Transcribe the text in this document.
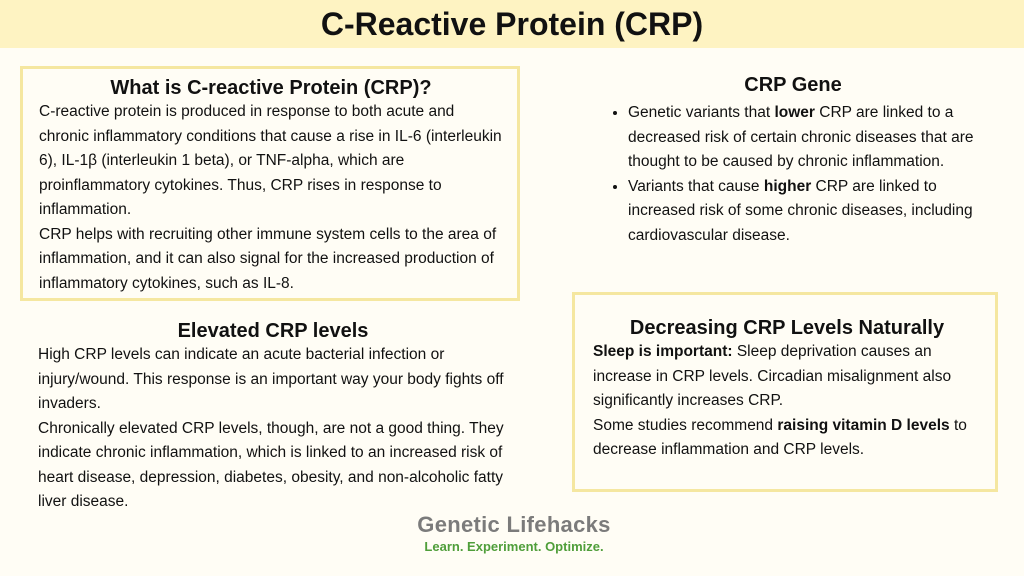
C-Reactive Protein (CRP)
What is C-reactive Protein (CRP)?

C-reactive protein is produced in response to both acute and chronic inflammatory conditions that cause a rise in IL-6 (interleukin 6), IL-1β (interleukin 1 beta), or TNF-alpha, which are proinflammatory cytokines. Thus, CRP rises in response to inflammation.

CRP helps with recruiting other immune system cells to the area of inflammation, and it can also signal for the increased production of inflammatory cytokines, such as IL-8.

CRP Gene
• Genetic variants that lower CRP are linked to a decreased risk of certain chronic diseases that are thought to be caused by chronic inflammation.
• Variants that cause higher CRP are linked to increased risk of some chronic diseases, including cardiovascular disease.
Elevated CRP levels

High CRP levels can indicate an acute bacterial infection or injury/wound. This response is an important way your body fights off invaders.

Chronically elevated CRP levels, though, are not a good thing. They indicate chronic inflammation, which is linked to an increased risk of heart disease, depression, diabetes, obesity, and non-alcoholic fatty liver disease.

Decreasing CRP Levels Naturally

Sleep is important: Sleep deprivation causes an increase in CRP levels. Circadian misalignment also significantly increases CRP.

Some studies recommend raising vitamin D levels to decrease inflammation and CRP levels.

Genetic Lifehacks
Learn. Experiment. Optimize.
